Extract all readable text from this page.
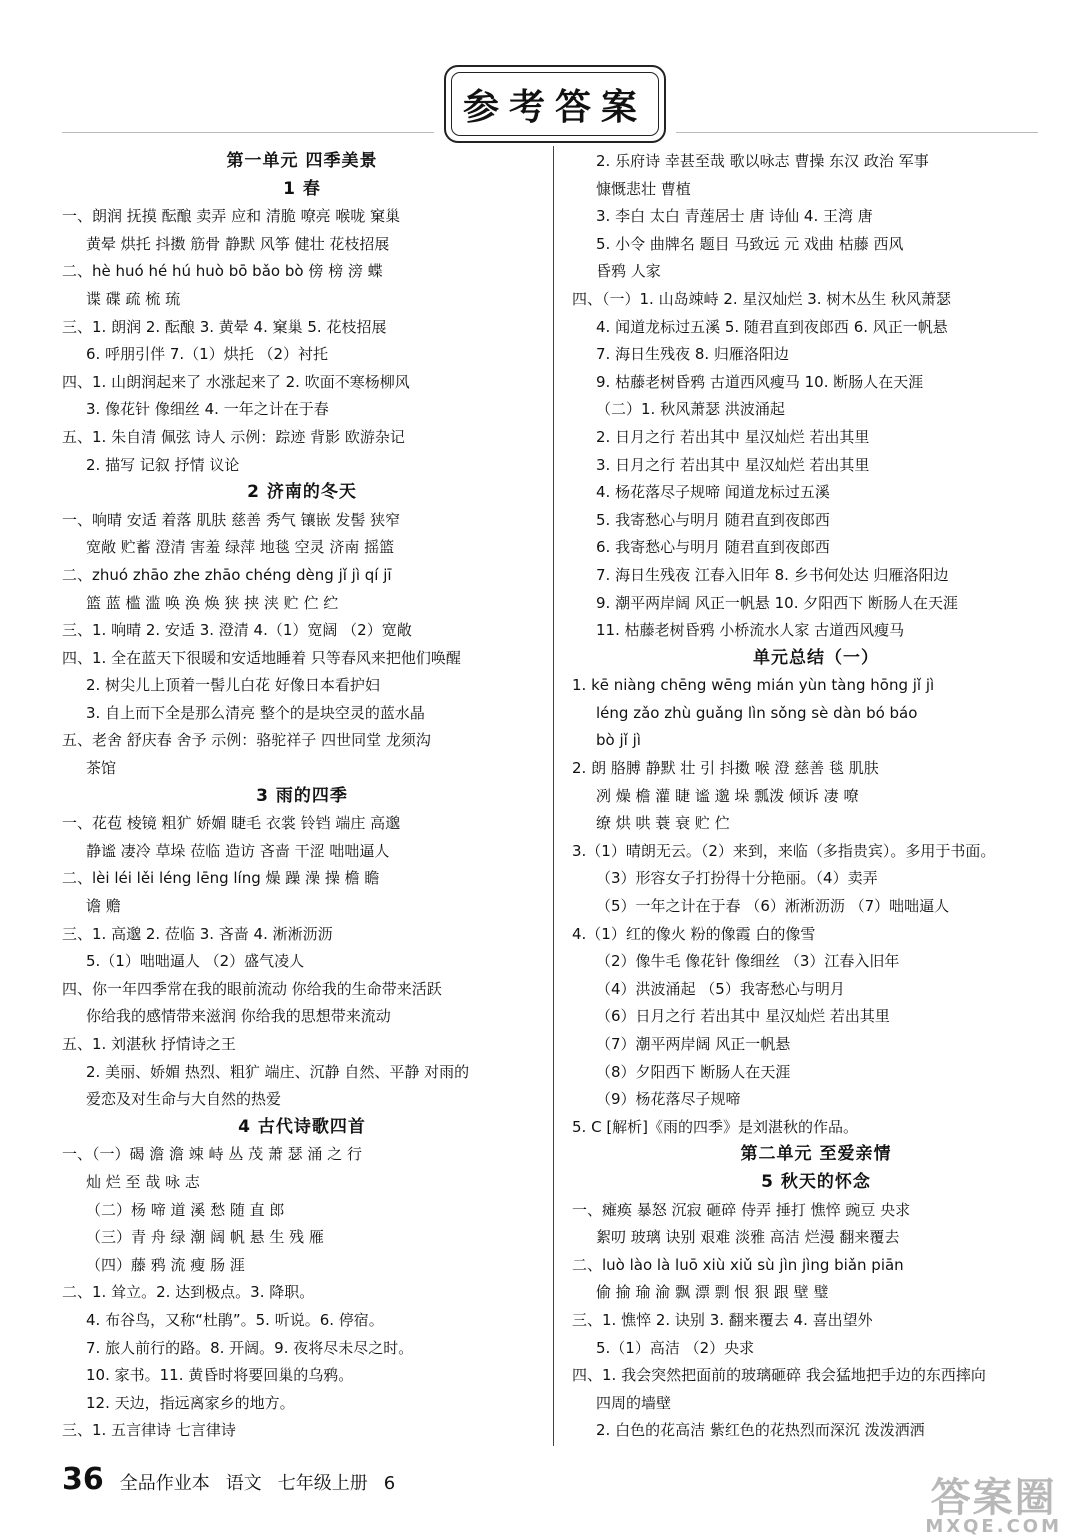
参考答案
第一单元 四季美景
1 春
一、朗润 抚摸 酝酿 卖弄 应和 清脆 嘹亮 喉咙 窠巢
黄晕 烘托 抖擞 筋骨 静默 风筝 健壮 花枝招展
二、hè huó hé hú huò bō bǎo bò 傍 榜 滂 蝶
谍 碟 疏 梳 琉
三、1. 朗润 2. 酝酿 3. 黄晕 4. 窠巢 5. 花枝招展
6. 呼朋引伴 7.（1）烘托 （2）衬托
四、1. 山朗润起来了 水涨起来了 2. 吹面不寒杨柳风
3. 像花针 像细丝 4. 一年之计在于春
五、1. 朱自清 佩弦 诗人 示例：踪迹 背影 欧游杂记
2. 描写 记叙 抒情 议论
2 济南的冬天
一、响晴 安适 着落 肌肤 慈善 秀气 镶嵌 发髻 狭窄
宽敞 贮蓄 澄清 害羞 绿萍 地毯 空灵 济南 摇篮
二、zhuó zhāo zhe zhāo chéng dèng jǐ jì qí jī
篮 蓝 槛 滥 唤 涣 焕 狭 挟 浃 贮 伫 纻
三、1. 响晴 2. 安适 3. 澄清 4.（1）宽阔 （2）宽敞
四、1. 全在蓝天下很暖和安适地睡着 只等春风来把他们唤醒
2. 树尖儿上顶着一髻儿白花 好像日本看护妇
3. 自上而下全是那么清亮 整个的是块空灵的蓝水晶
五、老舍 舒庆春 舍予 示例：骆驼祥子 四世同堂 龙须沟
茶馆
3 雨的四季
一、花苞 棱镜 粗犷 娇媚 睫毛 衣裳 铃铛 端庄 高邈
静谧 凄冷 草垛 莅临 造访 吝啬 干涩 咄咄逼人
二、lèi léi lěi léng lēng líng 燥 躁 澡 操 檐 瞻
谵 赡
三、1. 高邈 2. 莅临 3. 吝啬 4. 淅淅沥沥
5.（1）咄咄逼人 （2）盛气凌人
四、你一年四季常在我的眼前流动 你给我的生命带来活跃
你给我的感情带来滋润 你给我的思想带来流动
五、1. 刘湛秋 抒情诗之王
2. 美丽、娇媚 热烈、粗犷 端庄、沉静 自然、平静 对雨的
爱恋及对生命与大自然的热爱
4 古代诗歌四首
一、（一）碣 澹 澹 竦 峙 丛 茂 萧 瑟 涌 之 行
灿 烂 至 哉 咏 志
（二）杨 啼 道 溪 愁 随 直 郎
（三）青 舟 绿 潮 阔 帆 悬 生 残 雁
（四）藤 鸦 流 瘦 肠 涯
二、1. 耸立。2. 达到极点。3. 降职。
4. 布谷鸟，又称“杜鹃”。5. 听说。6. 停宿。
7. 旅人前行的路。8. 开阔。9. 夜将尽未尽之时。
10. 家书。11. 黄昏时将要回巢的乌鸦。
12. 天边，指远离家乡的地方。
三、1. 五言律诗 七言律诗
2. 乐府诗 幸甚至哉 歌以咏志 曹操 东汉 政治 军事
慷慨悲壮 曹植
3. 李白 太白 青莲居士 唐 诗仙 4. 王湾 唐
5. 小令 曲牌名 题目 马致远 元 戏曲 枯藤 西风
昏鸦 人家
四、（一）1. 山岛竦峙 2. 星汉灿烂 3. 树木丛生 秋风萧瑟
4. 闻道龙标过五溪 5. 随君直到夜郎西 6. 风正一帆悬
7. 海日生残夜 8. 归雁洛阳边
9. 枯藤老树昏鸦 古道西风瘦马 10. 断肠人在天涯
（二）1. 秋风萧瑟 洪波涌起
2. 日月之行 若出其中 星汉灿烂 若出其里
3. 日月之行 若出其中 星汉灿烂 若出其里
4. 杨花落尽子规啼 闻道龙标过五溪
5. 我寄愁心与明月 随君直到夜郎西
6. 我寄愁心与明月 随君直到夜郎西
7. 海日生残夜 江春入旧年 8. 乡书何处达 归雁洛阳边
9. 潮平两岸阔 风正一帆悬 10. 夕阳西下 断肠人在天涯
11. 枯藤老树昏鸦 小桥流水人家 古道西风瘦马
单元总结（一）
1. kē niàng chēng wēng mián yùn tàng hōng jǐ jì
léng zǎo zhù guǎng lìn sǒng sè dàn bó báo
bò jǐ jì
2. 朗 胳膊 静默 壮 引 抖擞 喉 澄 慈善 毯 肌肤
冽 燥 檐 灌 睫 谧 邈 垛 瓢泼 倾诉 凄 嘹
缭 烘 哄 蓑 衰 贮 伫
3.（1）晴朗无云。（2）来到，来临（多指贵宾）。多用于书面。
（3）形容女子打扮得十分艳丽。（4）卖弄
（5）一年之计在于春 （6）淅淅沥沥 （7）咄咄逼人
4.（1）红的像火 粉的像霞 白的像雪
（2）像牛毛 像花针 像细丝 （3）江春入旧年
（4）洪波涌起 （5）我寄愁心与明月
（6）日月之行 若出其中 星汉灿烂 若出其里
（7）潮平两岸阔 风正一帆悬
（8）夕阳西下 断肠人在天涯
（9）杨花落尽子规啼
5. C [解析]《雨的四季》是刘湛秋的作品。
第二单元 至爱亲情
5 秋天的怀念
一、瘫痪 暴怒 沉寂 砸碎 侍弄 捶打 憔悴 豌豆 央求
絮叨 玻璃 诀别 艰难 淡雅 高洁 烂漫 翻来覆去
二、luò lào là luō xiù xiǔ sù jìn jìng biǎn piān
偷 揄 瑜 渝 飘 漂 剽 恨 狠 跟 壁 璧
三、1. 憔悴 2. 诀别 3. 翻来覆去 4. 喜出望外
5.（1）高洁 （2）央求
四、1. 我会突然把面前的玻璃砸碎 我会猛地把手边的东西摔向
四周的墙壁
2. 白色的花高洁 紫红色的花热烈而深沉 泼泼洒洒
36 全品作业本 语文 七年级上册 6	答案圈
MXQE.COM
